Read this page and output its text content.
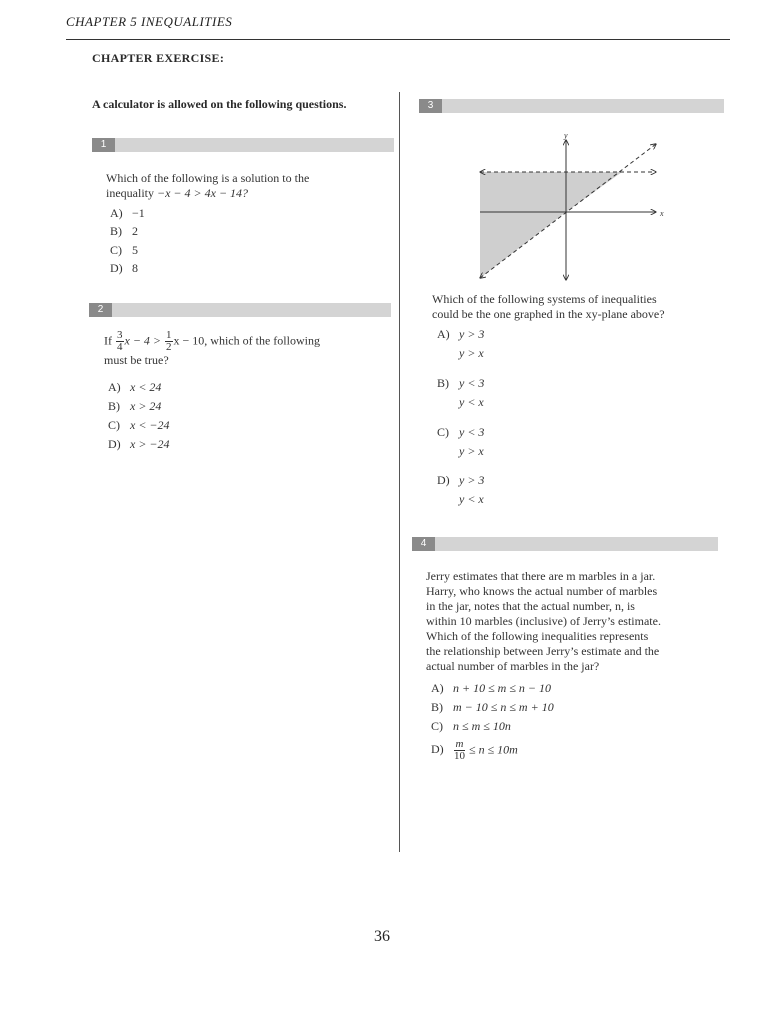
CHAPTER 5 INEQUALITIES
CHAPTER EXERCISE:
A calculator is allowed on the following questions.
1
Which of the following is a solution to the
inequality −x − 4 > 4x − 14?
A) −1
B) 2
C) 5
D) 8
2
If $\frac{3}{4}$ $x - 4 > \frac{1}{2}$ x − 10, which of the following
must be true?
A) x < 24
B) x > 24
C) x < −24
D) x > −24
3
x
y
Which of the following systems of inequalities
could be the one graphed in the xy-plane above?
A) y > 3
y > x
B) y < 3
y < x
C) y < 3
y > x
D) y > 3
y < x
4
Jerry estimates that there are m marbles in a jar.
Harry, who knows the actual number of marbles
in the jar, notes that the actual number, n, is
within 10 marbles (inclusive) of Jerry’s estimate.
Which of the following inequalities represents
the relationship between Jerry’s estimate and the
actual number of marbles in the jar?
A) n + 10 ≤ m ≤ n − 10
B) m − 10 ≤ n ≤ m + 10
C) n ≤ m ≤ 10n
$D) \frac{m}{10} \le n \le 10m$
36
